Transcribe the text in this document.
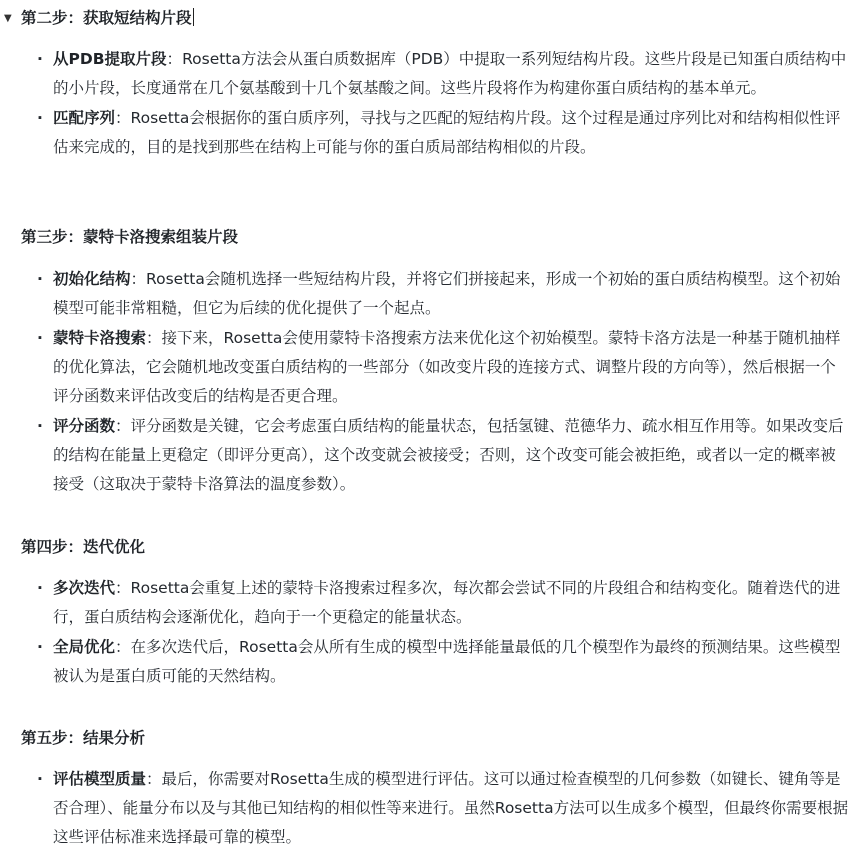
▼ 第二步：获取短结构片段
· 从PDB提取片段：Rosetta方法会从蛋白质数据库（PDB）中提取一系列短结构片段。这些片段是已知蛋白质结构中的小片段，长度通常在几个氨基酸到十几个氨基酸之间。这些片段将作为构建你蛋白质结构的基本单元。
· 匹配序列：Rosetta会根据你的蛋白质序列，寻找与之匹配的短结构片段。这个过程是通过序列比对和结构相似性评估来完成的，目的是找到那些在结构上可能与你的蛋白质局部结构相似的片段。
第三步：蒙特卡洛搜索组装片段
· 初始化结构：Rosetta会随机选择一些短结构片段，并将它们拼接起来，形成一个初始的蛋白质结构模型。这个初始模型可能非常粗糙，但它为后续的优化提供了一个起点。
· 蒙特卡洛搜索：接下来，Rosetta会使用蒙特卡洛搜索方法来优化这个初始模型。蒙特卡洛方法是一种基于随机抽样的优化算法，它会随机地改变蛋白质结构的一些部分（如改变片段的连接方式、调整片段的方向等），然后根据一个评分函数来评估改变后的结构是否更合理。
· 评分函数：评分函数是关键，它会考虑蛋白质结构的能量状态，包括氢键、范德华力、疏水相互作用等。如果改变后的结构在能量上更稳定（即评分更高），这个改变就会被接受；否则，这个改变可能会被拒绝，或者以一定的概率被接受（这取决于蒙特卡洛算法的温度参数）。
第四步：迭代优化
· 多次迭代：Rosetta会重复上述的蒙特卡洛搜索过程多次，每次都会尝试不同的片段组合和结构变化。随着迭代的进行，蛋白质结构会逐渐优化，趋向于一个更稳定的能量状态。
· 全局优化：在多次迭代后，Rosetta会从所有生成的模型中选择能量最低的几个模型作为最终的预测结果。这些模型被认为是蛋白质可能的天然结构。
第五步：结果分析
· 评估模型质量：最后，你需要对Rosetta生成的模型进行评估。这可以通过检查模型的几何参数（如键长、键角等是否合理）、能量分布以及与其他已知结构的相似性等来进行。虽然Rosetta方法可以生成多个模型，但最终你需要根据这些评估标准来选择最可靠的模型。
